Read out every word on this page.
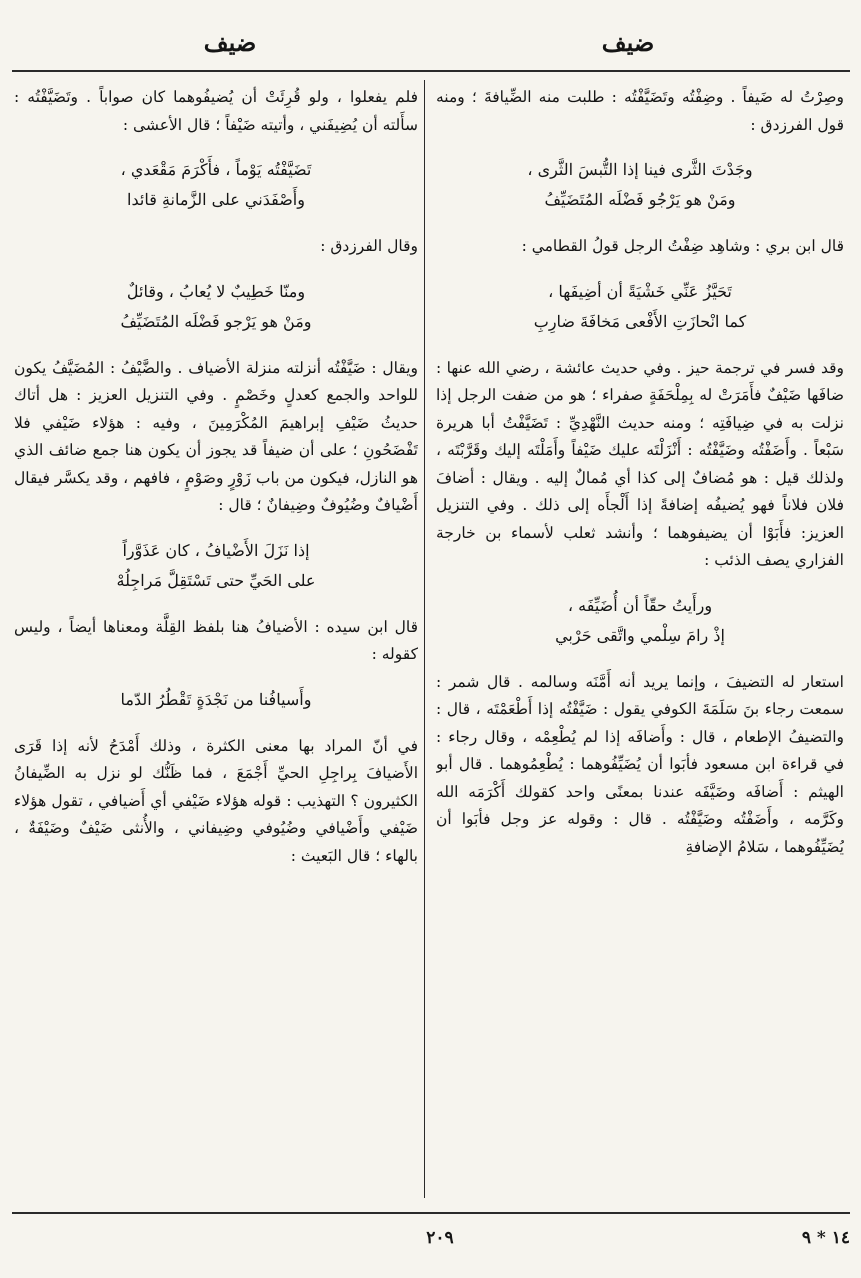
ضيف	ضيف

وصِرْتُ له ضَيفاً . وضِفْتُه وتَضَيَّفْتُه : طلبت منه الضِّيافةَ ؛ ومنه قول الفرزدق :

وجَدْتَ الثَّرى فينا إذا التُّبسَ الثَّرى ،
ومَنْ هو يَرْجُو فَضْلَه المُتَضَيِّفُ

قال ابن بري : وشاهِد ضِفْتُ الرجل قولُ القطامي :

تَحَيَّزُ عَنِّي خَشْيَةً أن أضِيفَها ،
كما انْحازَتِ الأَفْعى مَخافَةَ ضارِبِ

وقد فسر في ترجمة حيز . وفي حديث عائشة ، رضي الله عنها : ضافَها ضَيْفٌ فأَمَرَتْ له بِمِلْحَفَةٍ صفراء ؛ هو من ضفت الرجل إذا نزلت به في ضِيافَتِه ؛ ومنه حديث النَّهْدِيِّ : تَضَيَّفْتُ أبا هريرة سَبْعاً . وأَضَفْتُه وضَيَّفْتُه : أَنْزَلْتَه عليك ضَيْفاً وأَمَلْتَه إليك وقَرَّبْتَه ، ولذلك قيل : هو مُضافٌ إلى كذا أي مُمالٌ إليه . ويقال : أضافَ فلان فلاناً فهو يُضيفُه إضافةً إذا أَلْجأَه إلى ذلك . وفي التنزيل العزيز: فأَبَوْا أن يضيفوهما ؛ وأنشد ثعلب لأسماء بن خارجة الفزاري يصف الذئب :

ورأَيتُ حقّاً أن أُضَيِّفَه ،
إذْ رامَ سِلْمي واتَّقى حَرْبي

استعار له التضيفَ ، وإنما يريد أنه أَمَّنَه وسالمه . قال شمر : سمعت رجاء بنَ سَلَمَةَ الكوفي يقول : ضَيَّفْتُه إذا أَطْعَمْتَه ، قال : والتضيفُ الإطعام ، قال : وأَضافَه إذا لم يُطْعِمْه ، وقال رجاء : في قراءة ابن مسعود فأبَوا أن يُضَيِّفُوهما : يُطْعِمُوهما . قال أبو الهيثم : أَضافَه وضَيَّفَه عندنا بمعنًى واحد كقولك أَكْرَمَه الله وكَرَّمه ، وأَضَفْتُه وضَيَّفْتُه . قال : وقوله عز وجل فأبَوا أن يُضَيِّفُوهما ، سَلامُ الإضافةِ

فلم يفعلوا ، ولو قُرِئَتْ أن يُضيفُوهما كان صواباً . وتَضَيَّفْتُه : سأَلته أن يُضِيفَني ، وأتيته ضَيْفاً ؛ قال الأعشى :

تَضَيَّفْتُه يَوْماً ، فأَكْرَمَ مَقْعَدي ،
وأَصْفَدَني على الزَّمانةِ قائدا

وقال الفرزدق :

ومنّا خَطِيبٌ لا يُعابُ ، وقائلٌ
ومَنْ هو يَرْجو فَضْلَه المُتَضَيِّفُ

ويقال : ضَيَّفْتُه أنزلته منزلة الأضياف . والضَّيْفُ : المُضَيَّفُ يكون للواحد والجمع كعدلٍ وخَصْمٍ . وفي التنزيل العزيز : هل أتاك حديثُ ضَيْفِ إبراهيمَ المُكْرَمِينَ ، وفيه : هؤلاء ضَيْفي فلا تَفْضَحُونِ ؛ على أن ضيفاً قد يجوز أن يكون هنا جمع ضائف الذي هو النازل، فيكون من باب زَوْرٍ وصَوْمٍ ، فافهم ، وقد يكسَّر فيقال أَضْيافٌ وضُيُوفٌ وضِيفانٌ ؛ قال :

إذا نَزَلَ الأَضْيافُ ، كان عَذَوَّراً
على الحَيِّ حتى تَسْتَقِلَّ مَراجِلُهْ

قال ابن سيده : الأضيافُ هنا بلفظ القِلَّة ومعناها أيضاً ، وليس كقوله :

وأَسيافُنا من نَجْدَةٍ تَقْطُرُ الدّما

في أنّ المراد بها معنى الكثرة ، وذلك أَمْدَحُ لأنه إذا قَرَى الأَضيافَ بِراجِلِ الحيِّ أَجْمَعَ ، فما ظَنُّك لو نزل به الضِّيفانُ الكثيرون ؟ التهذيب : قوله هؤلاء ضَيْفي أي أَضيافي ، تقول هؤلاء ضَيْفي وأَضْيافي وضُيُوفي وضِيفاني ، والأُنثى ضَيْفٌ وضَيْفَةٌ ، بالهاء ؛ قال البَعيث :

٢٠٩	١٤ * ٩
